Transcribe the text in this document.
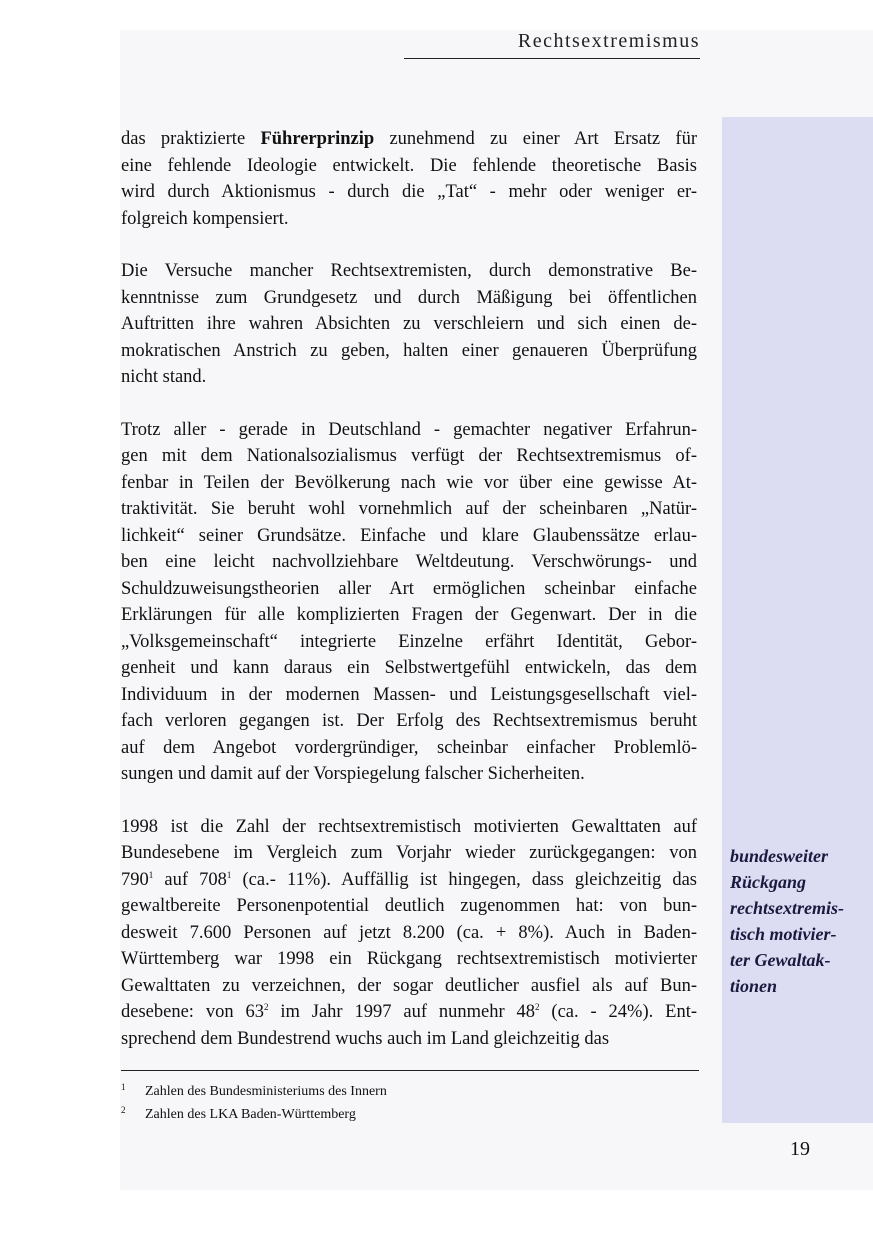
Rechtsextremismus
bundesweiter
Rückgang
rechtsextremis-
tisch motivier-
ter Gewaltak-
tionen

das praktizierte Führerprinzip zunehmend zu einer Art Ersatz für
eine fehlende Ideologie entwickelt. Die fehlende theoretische Basis
wird durch Aktionismus - durch die „Tat“ - mehr oder weniger er-
folgreich kompensiert.

Die Versuche mancher Rechtsextremisten, durch demonstrative Be-
kenntnisse zum Grundgesetz und durch Mäßigung bei öffentlichen
Auftritten ihre wahren Absichten zu verschleiern und sich einen de-
mokratischen Anstrich zu geben, halten einer genaueren Überprüfung
nicht stand.

Trotz aller - gerade in Deutschland - gemachter negativer Erfahrun-
gen mit dem Nationalsozialismus verfügt der Rechtsextremismus of-
fenbar in Teilen der Bevölkerung nach wie vor über eine gewisse At-
traktivität. Sie beruht wohl vornehmlich auf der scheinbaren „Natür-
lichkeit“ seiner Grundsätze. Einfache und klare Glaubenssätze erlau-
ben eine leicht nachvollziehbare Weltdeutung. Verschwörungs- und
Schuldzuweisungstheorien aller Art ermöglichen scheinbar einfache
Erklärungen für alle komplizierten Fragen der Gegenwart. Der in die
„Volksgemeinschaft“ integrierte Einzelne erfährt Identität, Gebor-
genheit und kann daraus ein Selbstwertgefühl entwickeln, das dem
Individuum in der modernen Massen- und Leistungsgesellschaft viel-
fach verloren gegangen ist. Der Erfolg des Rechtsextremismus beruht
auf dem Angebot vordergründiger, scheinbar einfacher Problemlö-
sungen und damit auf der Vorspiegelung falscher Sicherheiten.

1998 ist die Zahl der rechtsextremistisch motivierten Gewalttaten auf
Bundesebene im Vergleich zum Vorjahr wieder zurückgegangen: von
790$^1$ auf 708$^1$ (ca.- 11%). Auffällig ist hingegen, dass gleichzeitig das
gewaltbereite Personenpotential deutlich zugenommen hat: von bun-
desweit 7.600 Personen auf jetzt 8.200 (ca. + 8%). Auch in Baden-
Württemberg war 1998 ein Rückgang rechtsextremistisch motivierter
Gewalttaten zu verzeichnen, der sogar deutlicher ausfiel als auf Bun-
desebene: von 63$^2$ im Jahr 1997 auf nunmehr 48$^2$ (ca. - 24%). Ent-
sprechend dem Bundestrend wuchs auch im Land gleichzeitig das

1 Zahlen des Bundesministeriums des Innern
2 Zahlen des LKA Baden-Württemberg
19
